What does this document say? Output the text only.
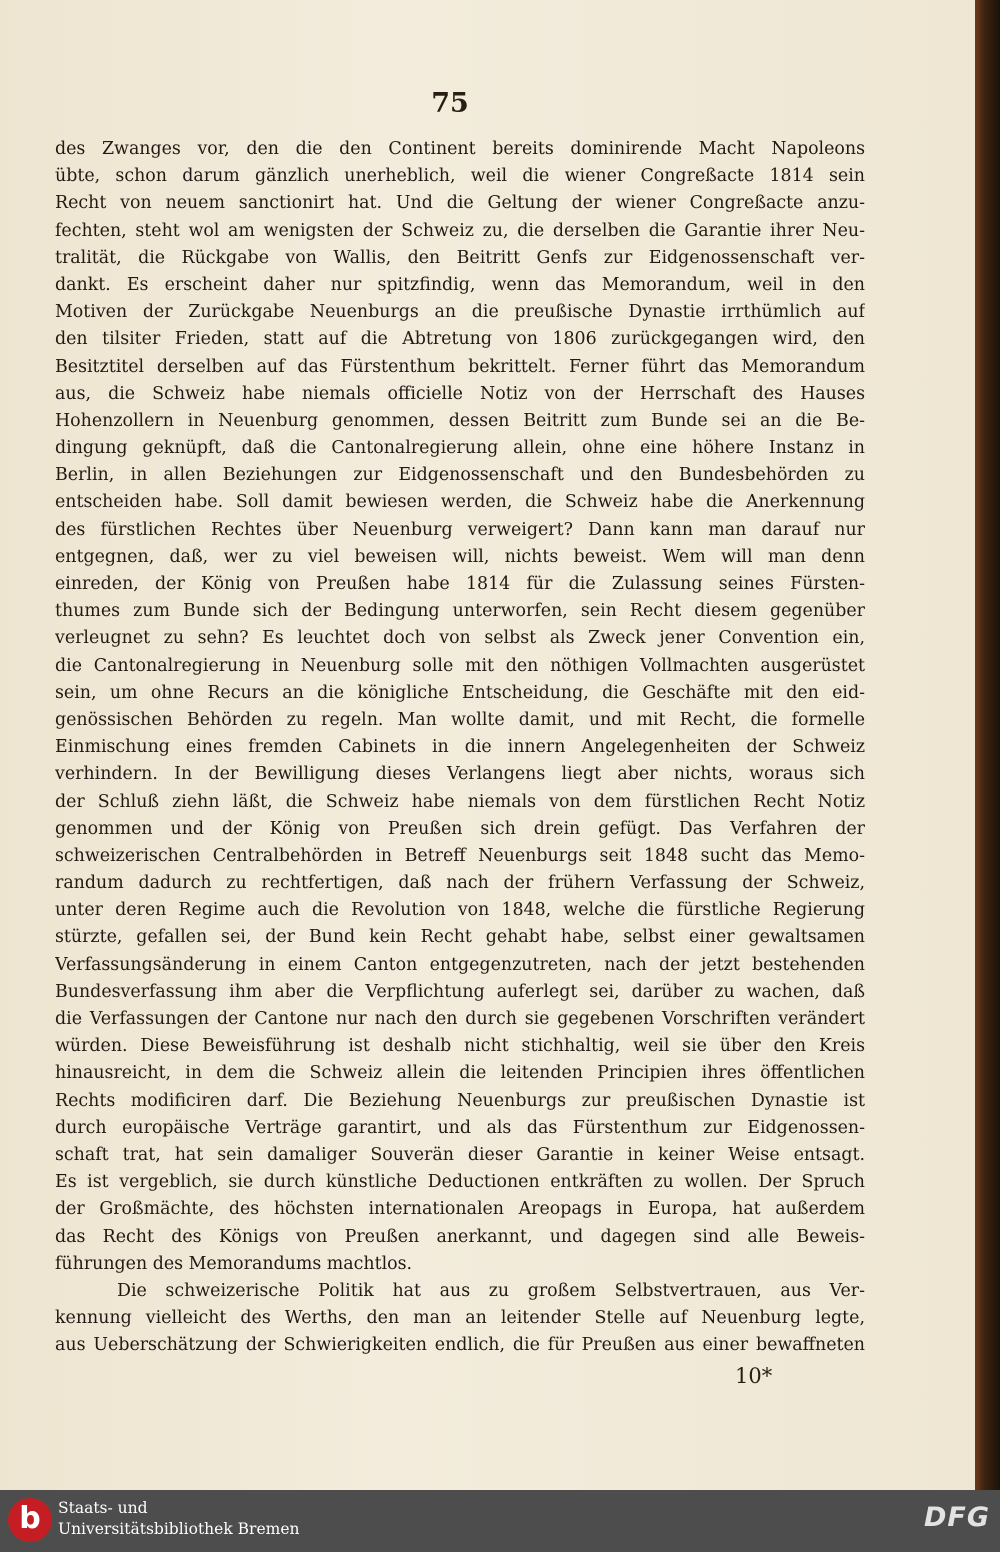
75
des Zwanges vor, den die den Continent bereits dominirende Macht Napoleons
übte, schon darum gänzlich unerheblich, weil die wiener Congreßacte 1814 sein
Recht von neuem sanctionirt hat. Und die Geltung der wiener Congreßacte anzu-
fechten, steht wol am wenigsten der Schweiz zu, die derselben die Garantie ihrer Neu-
tralität, die Rückgabe von Wallis, den Beitritt Genfs zur Eidgenossenschaft ver-
dankt. Es erscheint daher nur spitzfindig, wenn das Memorandum, weil in den
Motiven der Zurückgabe Neuenburgs an die preußische Dynastie irrthümlich auf
den tilsiter Frieden, statt auf die Abtretung von 1806 zurückgegangen wird, den
Besitztitel derselben auf das Fürstenthum bekrittelt. Ferner führt das Memorandum
aus, die Schweiz habe niemals officielle Notiz von der Herrschaft des Hauses
Hohenzollern in Neuenburg genommen, dessen Beitritt zum Bunde sei an die Be-
dingung geknüpft, daß die Cantonalregierung allein, ohne eine höhere Instanz in
Berlin, in allen Beziehungen zur Eidgenossenschaft und den Bundesbehörden zu
entscheiden habe. Soll damit bewiesen werden, die Schweiz habe die Anerkennung
des fürstlichen Rechtes über Neuenburg verweigert? Dann kann man darauf nur
entgegnen, daß, wer zu viel beweisen will, nichts beweist. Wem will man denn
einreden, der König von Preußen habe 1814 für die Zulassung seines Fürsten-
thumes zum Bunde sich der Bedingung unterworfen, sein Recht diesem gegenüber
verleugnet zu sehn? Es leuchtet doch von selbst als Zweck jener Convention ein,
die Cantonalregierung in Neuenburg solle mit den nöthigen Vollmachten ausgerüstet
sein, um ohne Recurs an die königliche Entscheidung, die Geschäfte mit den eid-
genössischen Behörden zu regeln. Man wollte damit, und mit Recht, die formelle
Einmischung eines fremden Cabinets in die innern Angelegenheiten der Schweiz
verhindern. In der Bewilligung dieses Verlangens liegt aber nichts, woraus sich
der Schluß ziehn läßt, die Schweiz habe niemals von dem fürstlichen Recht Notiz
genommen und der König von Preußen sich drein gefügt. Das Verfahren der
schweizerischen Centralbehörden in Betreff Neuenburgs seit 1848 sucht das Memo-
randum dadurch zu rechtfertigen, daß nach der frühern Verfassung der Schweiz,
unter deren Regime auch die Revolution von 1848, welche die fürstliche Regierung
stürzte, gefallen sei, der Bund kein Recht gehabt habe, selbst einer gewaltsamen
Verfassungsänderung in einem Canton entgegenzutreten, nach der jetzt bestehenden
Bundesverfassung ihm aber die Verpflichtung auferlegt sei, darüber zu wachen, daß
die Verfassungen der Cantone nur nach den durch sie gegebenen Vorschriften verändert
würden. Diese Beweisführung ist deshalb nicht stichhaltig, weil sie über den Kreis
hinausreicht, in dem die Schweiz allein die leitenden Principien ihres öffentlichen
Rechts modificiren darf. Die Beziehung Neuenburgs zur preußischen Dynastie ist
durch europäische Verträge garantirt, und als das Fürstenthum zur Eidgenossen-
schaft trat, hat sein damaliger Souverän dieser Garantie in keiner Weise entsagt.
Es ist vergeblich, sie durch künstliche Deductionen entkräften zu wollen. Der Spruch
der Großmächte, des höchsten internationalen Areopags in Europa, hat außerdem
das Recht des Königs von Preußen anerkannt, und dagegen sind alle Beweis-
führungen des Memorandums machtlos.
Die schweizerische Politik hat aus zu großem Selbstvertrauen, aus Ver-
kennung vielleicht des Werths, den man an leitender Stelle auf Neuenburg legte,
aus Ueberschätzung der Schwierigkeiten endlich, die für Preußen aus einer bewaffneten
10*
b	Staats- und
Universitätsbibliothek Bremen	DFG
